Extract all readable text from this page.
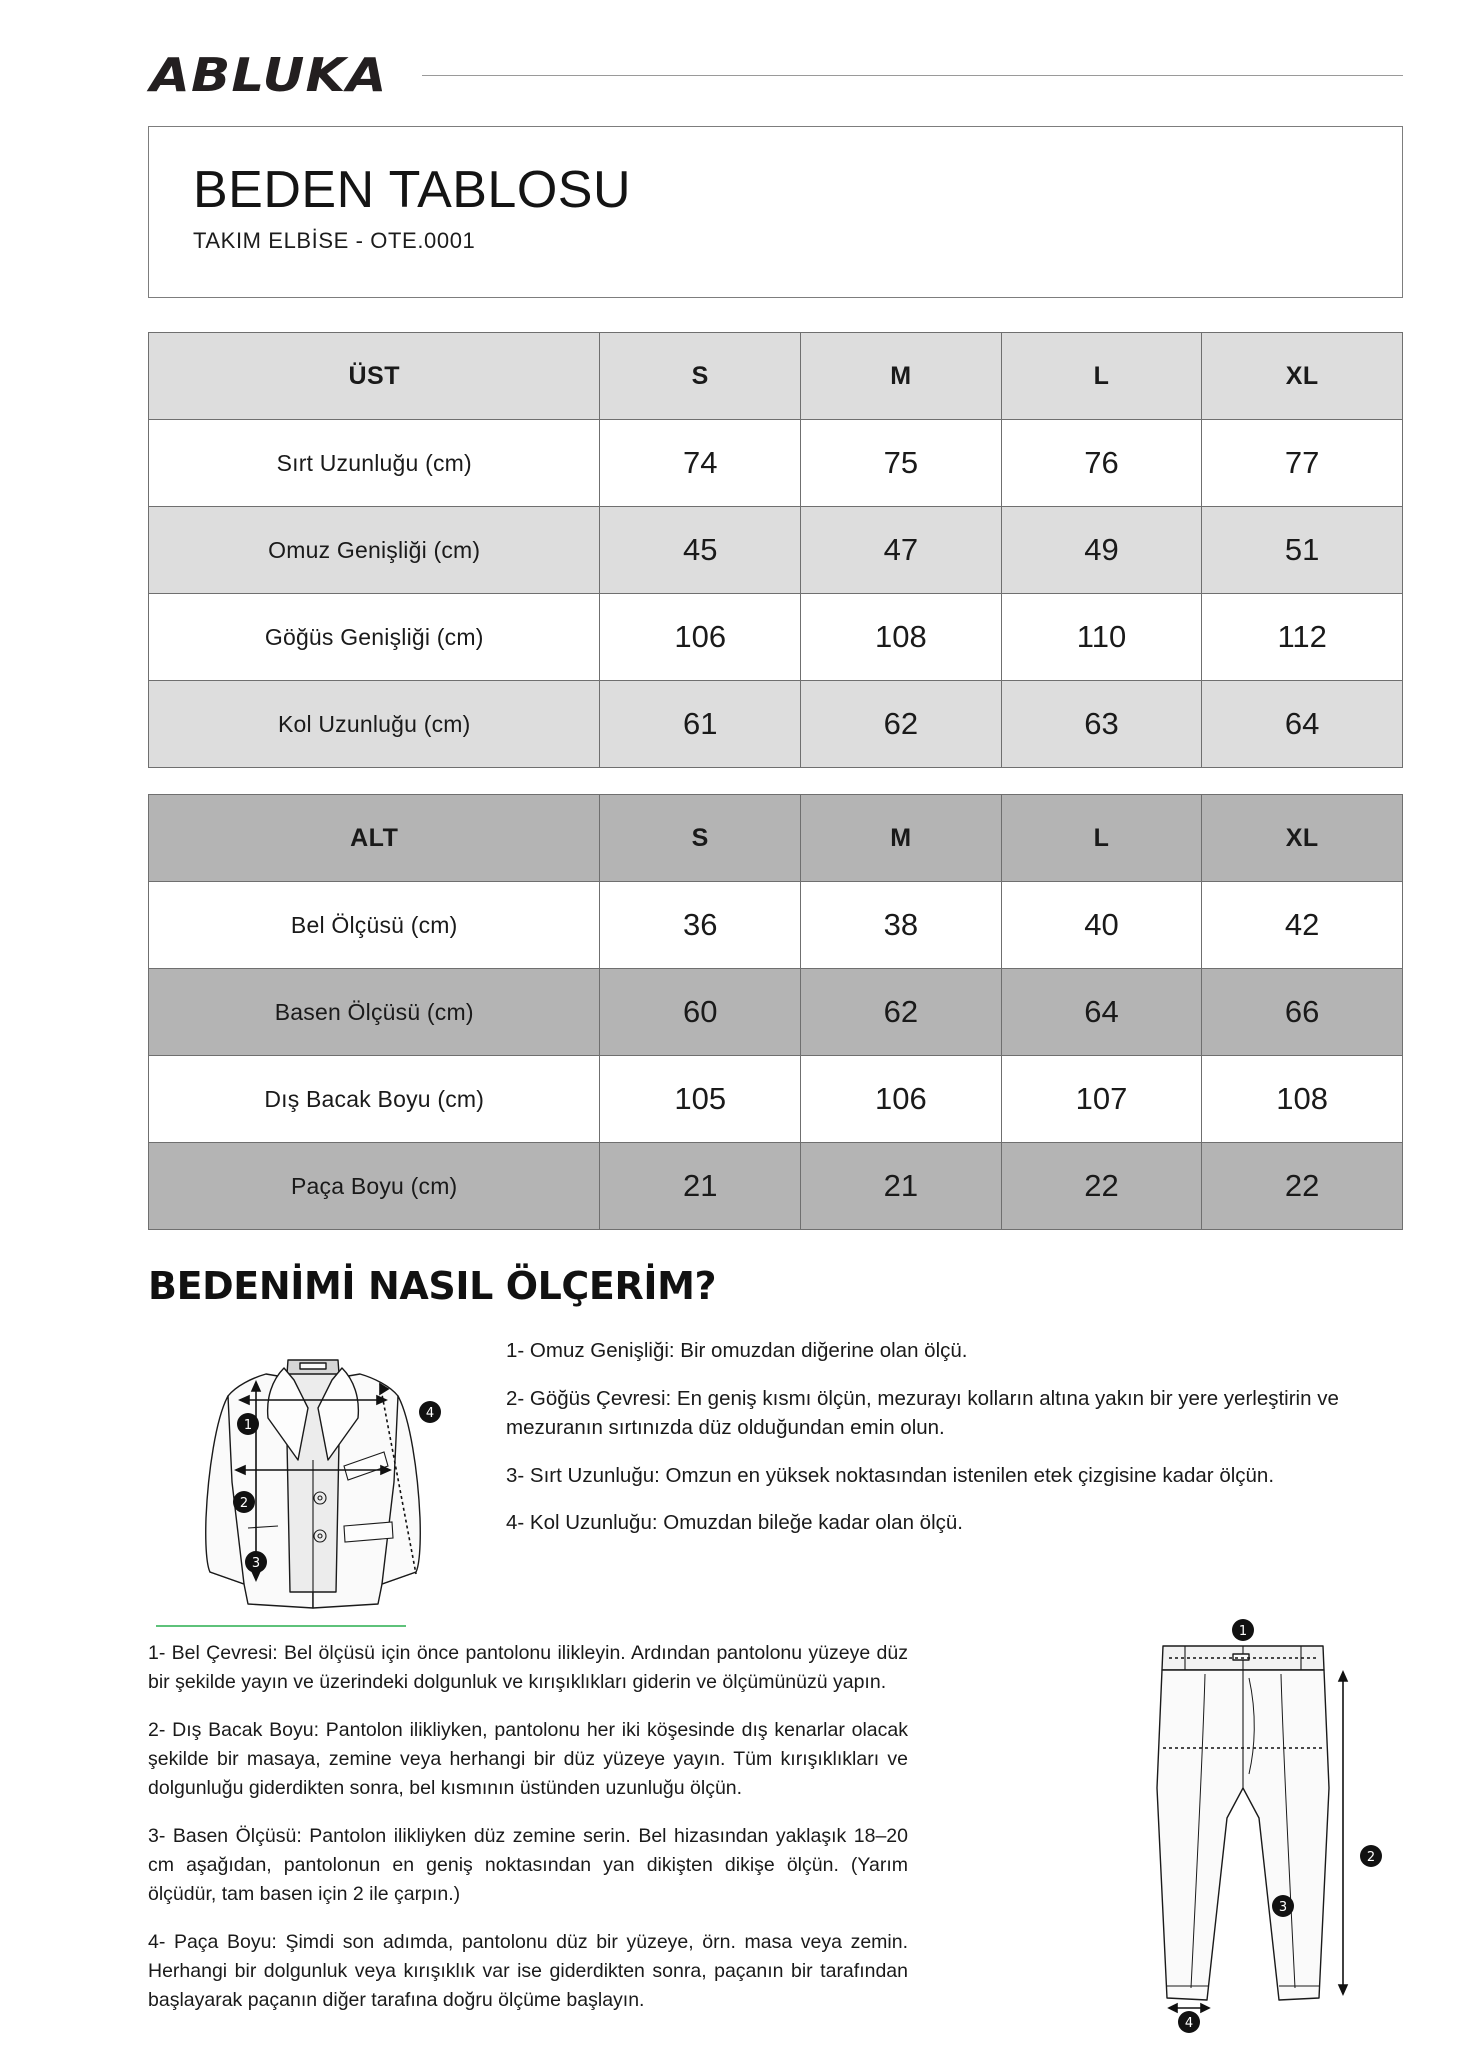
ABLUKA
BEDEN TABLOSU
TAKIM ELBİSE - OTE.0001
ÜST	S	M	L	XL
Sırt Uzunluğu (cm)	74	75	76	77
Omuz Genişliği (cm)	45	47	49	51
Göğüs Genişliği (cm)	106	108	110	112
Kol Uzunluğu (cm)	61	62	63	64
ALT	S	M	L	XL
Bel Ölçüsü (cm)	36	38	40	42
Basen Ölçüsü (cm)	60	62	64	66
Dış Bacak Boyu (cm)	105	106	107	108
Paça Boyu (cm)	21	21	22	22
BEDENİMİ NASIL ÖLÇERİM?
1
2
3
4

1- Omuz Genişliği: Bir omuzdan diğerine olan ölçü.

2- Göğüs Çevresi: En geniş kısmı ölçün, mezurayı kolların altına yakın bir yere yerleştirin ve mezuranın sırtınızda düz olduğundan emin olun.

3- Sırt Uzunluğu: Omzun en yüksek noktasından istenilen etek çizgisine kadar ölçün.

4- Kol Uzunluğu: Omuzdan bileğe kadar olan ölçü.

1- Bel Çevresi: Bel ölçüsü için önce pantolonu ilikleyin. Ardından pantolonu yüzeye düz bir şekilde yayın ve üzerindeki dolgunluk ve kırışıklıkları giderin ve ölçümünüzü yapın.

2- Dış Bacak Boyu: Pantolon ilikliyken, pantolonu her iki köşesinde dış kenarlar olacak şekilde bir masaya, zemine veya herhangi bir düz yüzeye yayın. Tüm kırışıklıkları ve dolgunluğu giderdikten sonra, bel kısmının üstünden uzunluğu ölçün.

3- Basen Ölçüsü: Pantolon ilikliyken düz zemine serin. Bel hizasından yaklaşık 18–20 cm aşağıdan, pantolonun en geniş noktasından yan dikişten dikişe ölçün. (Yarım ölçüdür, tam basen için 2 ile çarpın.)

4- Paça Boyu: Şimdi son adımda, pantolonu düz bir yüzeye, örn. masa veya zemin. Herhangi bir dolgunluk veya kırışıklık var ise giderdikten sonra, paçanın bir tarafından başlayarak paçanın diğer tarafına doğru ölçüme başlayın.

1
2
3
4
